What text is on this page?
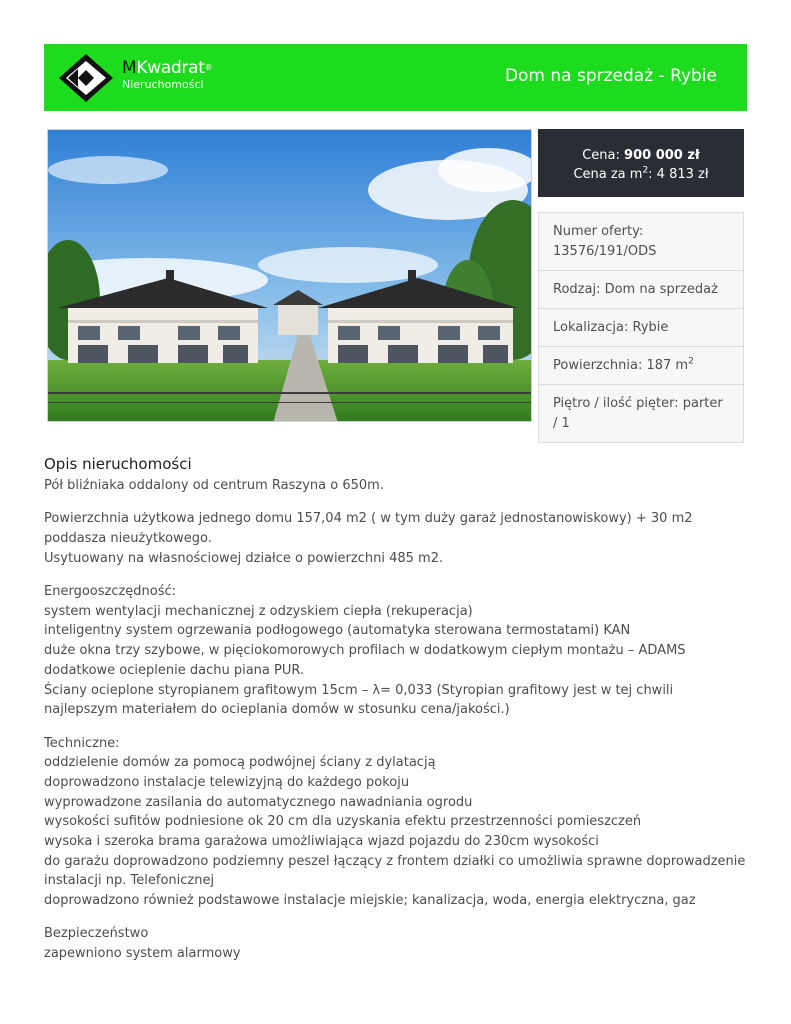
MKwadrat®
Nieruchomości	Dom na sprzedaż - Rybie
Cena: 900 000 zł
Cena za $m^2$: 4 813 zł
Numer oferty: 13576/191/ODS
Rodzaj: Dom na sprzedaż
Lokalizacja: Rybie
Powierzchnia: 187 $m^2$
Piętro / ilość pięter: parter / 1
Opis nieruchomości

Pół bliźniaka oddalony od centrum Raszyna o 650m.

Powierzchnia użytkowa jednego domu 157,04 m2 ( w tym duży garaż jednostanowiskowy) + 30 m2 poddasza nieużytkowego.
Usytuowany na własnościowej działce o powierzchni 485 m2.

Energooszczędność:
system wentylacji mechanicznej z odzyskiem ciepła (rekuperacja)
inteligentny system ogrzewania podłogowego (automatyka sterowana termostatami) KAN
duże okna trzy szybowe, w pięciokomorowych profilach w dodatkowym ciepłym montażu – ADAMS
dodatkowe ocieplenie dachu piana PUR.
Ściany ocieplone styropianem grafitowym 15cm – λ= 0,033 (Styropian grafitowy jest w tej chwili najlepszym materiałem do ocieplania domów w stosunku cena/jakości.)

Techniczne:
oddzielenie domów za pomocą podwójnej ściany z dylatacją
doprowadzono instalacje telewizyjną do każdego pokoju
wyprowadzone zasilania do automatycznego nawadniania ogrodu
wysokości sufitów podniesione ok 20 cm dla uzyskania efektu przestrzenności pomieszczeń
wysoka i szeroka brama garażowa umożliwiająca wjazd pojazdu do 230cm wysokości
do garażu doprowadzono podziemny peszel łączący z frontem działki co umożliwia sprawne doprowadzenie instalacji np. Telefonicznej
doprowadzono również podstawowe instalacje miejskie; kanalizacja, woda, energia elektryczna, gaz

Bezpieczeństwo
zapewniono system alarmowy
